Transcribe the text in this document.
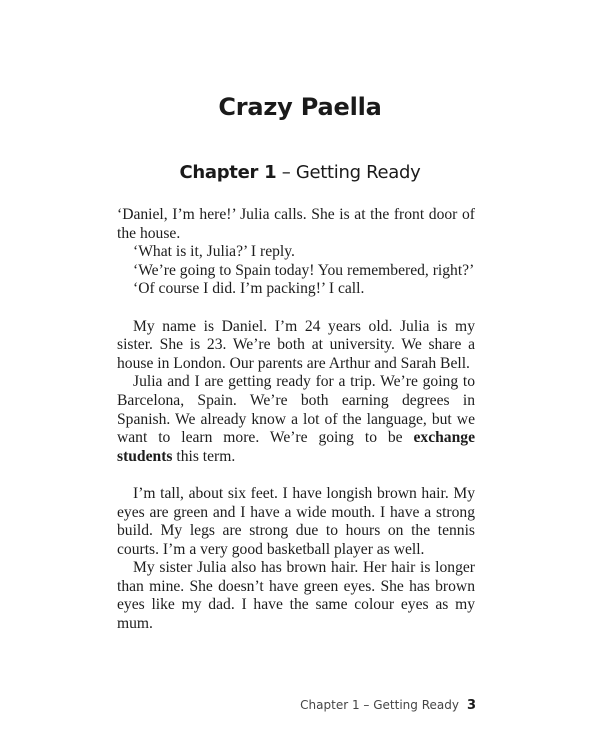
Crazy Paella
Chapter 1 – Getting Ready

‘Daniel, I’m here!’ Julia calls. She is at the front door of the house.

‘What is it, Julia?’ I reply.

‘We’re going to Spain today! You remembered, right?’

‘Of course I did. I’m packing!’ I call.

My name is Daniel. I’m 24 years old. Julia is my sister. She is 23. We’re both at university. We share a house in London. Our parents are Arthur and Sarah Bell.

Julia and I are getting ready for a trip. We’re going to Barcelona, Spain. We’re both earning degrees in Spanish. We already know a lot of the language, but we want to learn more. We’re going to be exchange students this term.

I’m tall, about six feet. I have longish brown hair. My eyes are green and I have a wide mouth. I have a strong build. My legs are strong due to hours on the tennis courts. I’m a very good basketball player as well.

My sister Julia also has brown hair. Her hair is longer than mine. She doesn’t have green eyes. She has brown eyes like my dad. I have the same colour eyes as my mum.

Chapter 1 – Getting Ready 3
